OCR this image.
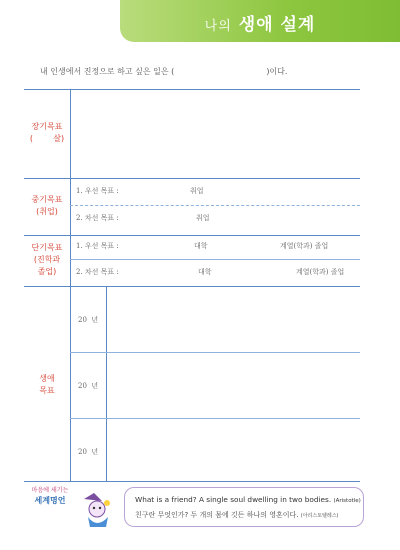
나의 생애 설계
내 인생에서 진정으로 하고 싶은 일은 (	)이다.
장기목표
(        살)
중기목표
(취업)
1. 우선 목표 :	취업
2. 차선 목표 :	취업
단기목표
(진학과
졸업)
1. 우선 목표 :	대학	계열(학과) 졸업
2. 차선 목표 :	대학	계열(학과) 졸업
생애
목표
20  년
20  년
20  년
마음에 새기는
세계명언	What is a friend? A single soul dwelling in two bodies. (Aristotle)
친구란 무엇인가? 두 개의 몸에 깃든 하나의 영혼이다. (아리스토텔레스)
